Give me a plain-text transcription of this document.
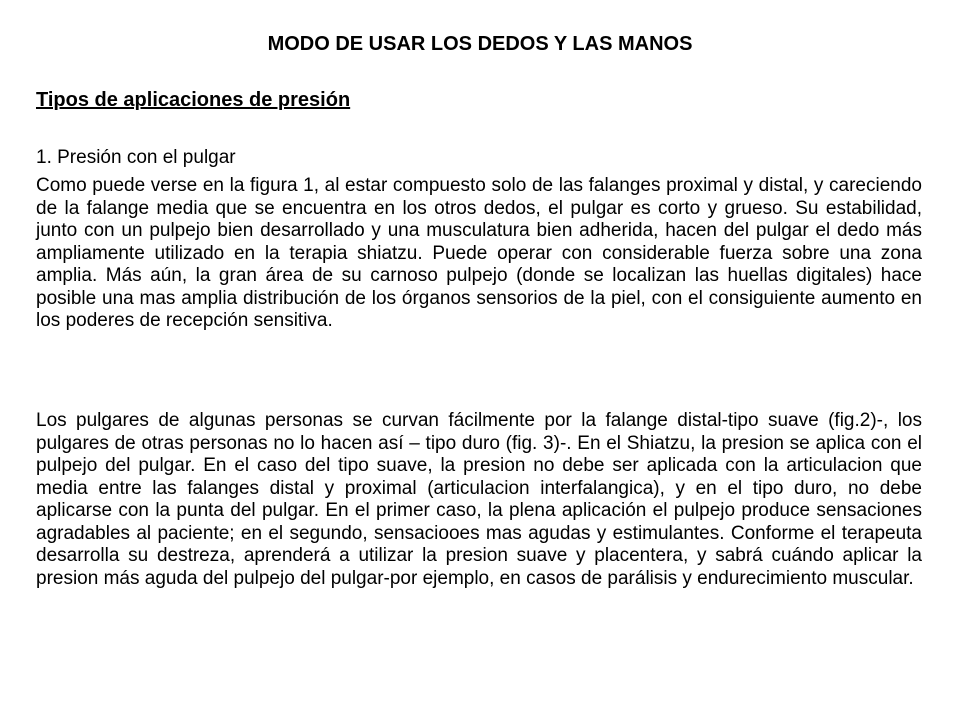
MODO DE USAR LOS DEDOS Y LAS MANOS
Tipos de aplicaciones de presión

1. Presión con el pulgar

Como puede verse en la figura 1, al estar compuesto solo de las falanges proximal y distal, y careciendo de la falange media que se encuentra en los otros dedos, el pulgar es corto y grueso. Su estabilidad, junto con un pulpejo bien desarrollado y una musculatura bien adherida, hacen del pulgar el dedo más ampliamente utilizado en la terapia shiatzu. Puede operar con considerable fuerza sobre una zona amplia. Más aún, la gran área de su carnoso pulpejo (donde se localizan las huellas digitales) hace posible una mas amplia distribución de los órganos sensorios de la piel, con el consiguiente aumento en los poderes de recepción sensitiva.

Los pulgares de algunas personas se curvan fácilmente por la falange distal-tipo suave (fig.2)-, los pulgares de otras personas no lo hacen así – tipo duro (fig. 3)-. En el Shiatzu, la presion se aplica con el pulpejo del pulgar. En el caso del tipo suave, la presion no debe ser aplicada con la articulacion que media entre las falanges distal y proximal (articulacion interfalangica), y en el tipo duro, no debe aplicarse con la punta del pulgar. En el primer caso, la plena aplicación el pulpejo produce sensaciones agradables al paciente; en el segundo, sensaciooes mas agudas y estimulantes. Conforme el terapeuta desarrolla su destreza, aprenderá a utilizar la presion suave y placentera, y sabrá cuándo aplicar la presion más aguda del pulpejo del pulgar-por ejemplo, en casos de parálisis y endurecimiento muscular.
